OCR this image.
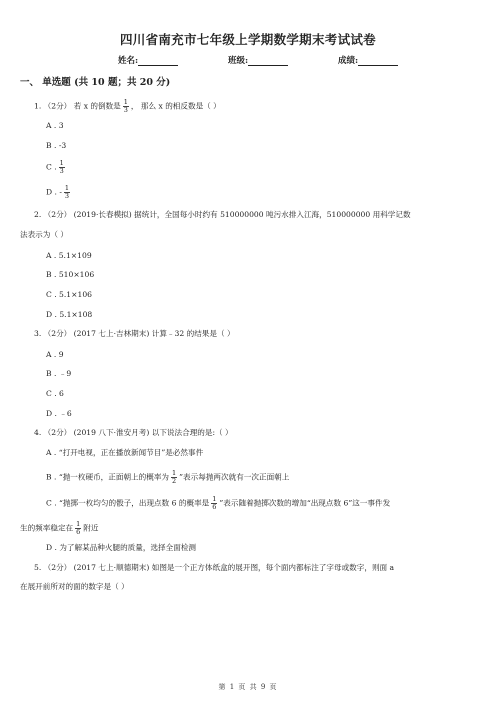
四川省南充市七年级上学期数学期末考试试卷
姓名:	班级:	成绩:
一、 单选题 (共 10 题；共 20 分)
1. （2分） 若 x 的倒数是 $\frac{1}{3}$ ， 那么 x 的相反数是（ ）
A . 3
B . -3
C . $\frac{1}{3}$
D . - $\frac{1}{3}$
2. （2分） (2019·长春模拟) 据统计，全国每小时约有 510000000 吨污水排入江海，510000000 用科学记数
法表示为（ ）
A . 5.1×109
B . 510×106
C . 5.1×106
D . 5.1×108
3. （2分） (2017 七上·吉林期末) 计算﹣32 的结果是（ ）
A . 9
B . ﹣9
C . 6
D . ﹣6
4. （2分） (2019 八下·淮安月考) 以下说法合理的是:（ ）
A . “打开电视，正在播放新闻节目”是必然事件
B . “抛一枚硬币，正面朝上的概率为 $\frac{1}{2}$ ”表示每抛两次就有一次正面朝上
C . “抛掷一枚均匀的骰子，出现点数 6 的概率是 $\frac{1}{6}$ ”表示随着抛掷次数的增加“出现点数 6”这一事件发
生的频率稳定在 $\frac{1}{6}$ 附近
D . 为了解某品种火腿的质量，选择全面检测
5. （2分） (2017 七上·顺德期末) 如图是一个正方体纸盒的展开图，每个面内都标注了字母或数字，则面 a
在展开前所对的面的数字是（ ）
第 1 页 共 9 页
